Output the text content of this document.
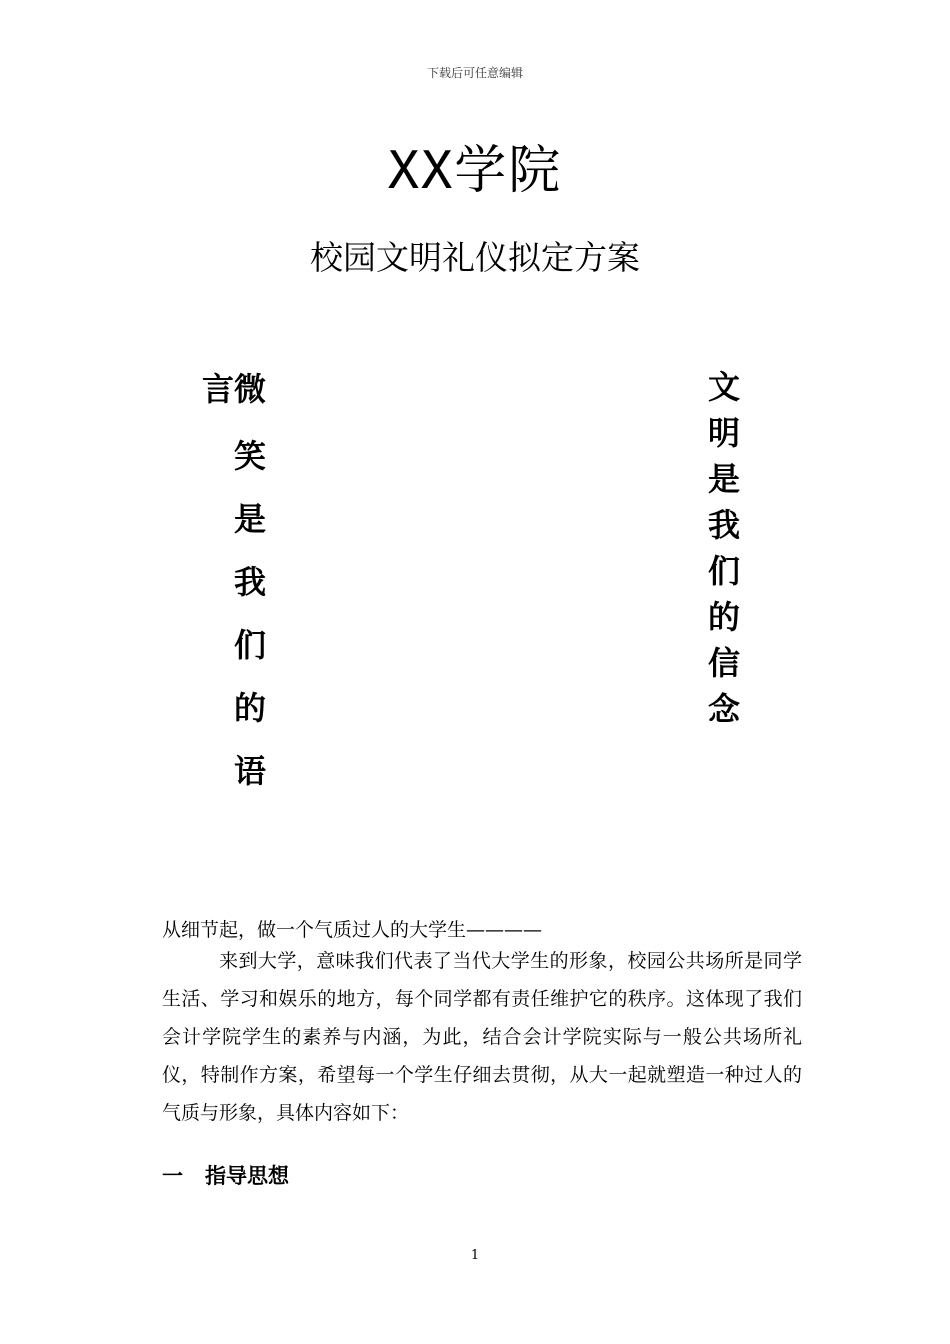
下载后可任意编辑
XX学院
校园文明礼仪拟定方案
言微
笑
是
我
们
的
语
文
明
是
我
们
的
信
念
从细节起，做一个气质过人的大学生————
来到大学，意味我们代表了当代大学生的形象，校园公共场所是同学生活、学习和娱乐的地方，每个同学都有责任维护它的秩序。这体现了我们会计学院学生的素养与内涵，为此，结合会计学院实际与一般公共场所礼仪，特制作方案，希望每一个学生仔细去贯彻，从大一起就塑造一种过人的气质与形象，具体内容如下：
一 指导思想
1
